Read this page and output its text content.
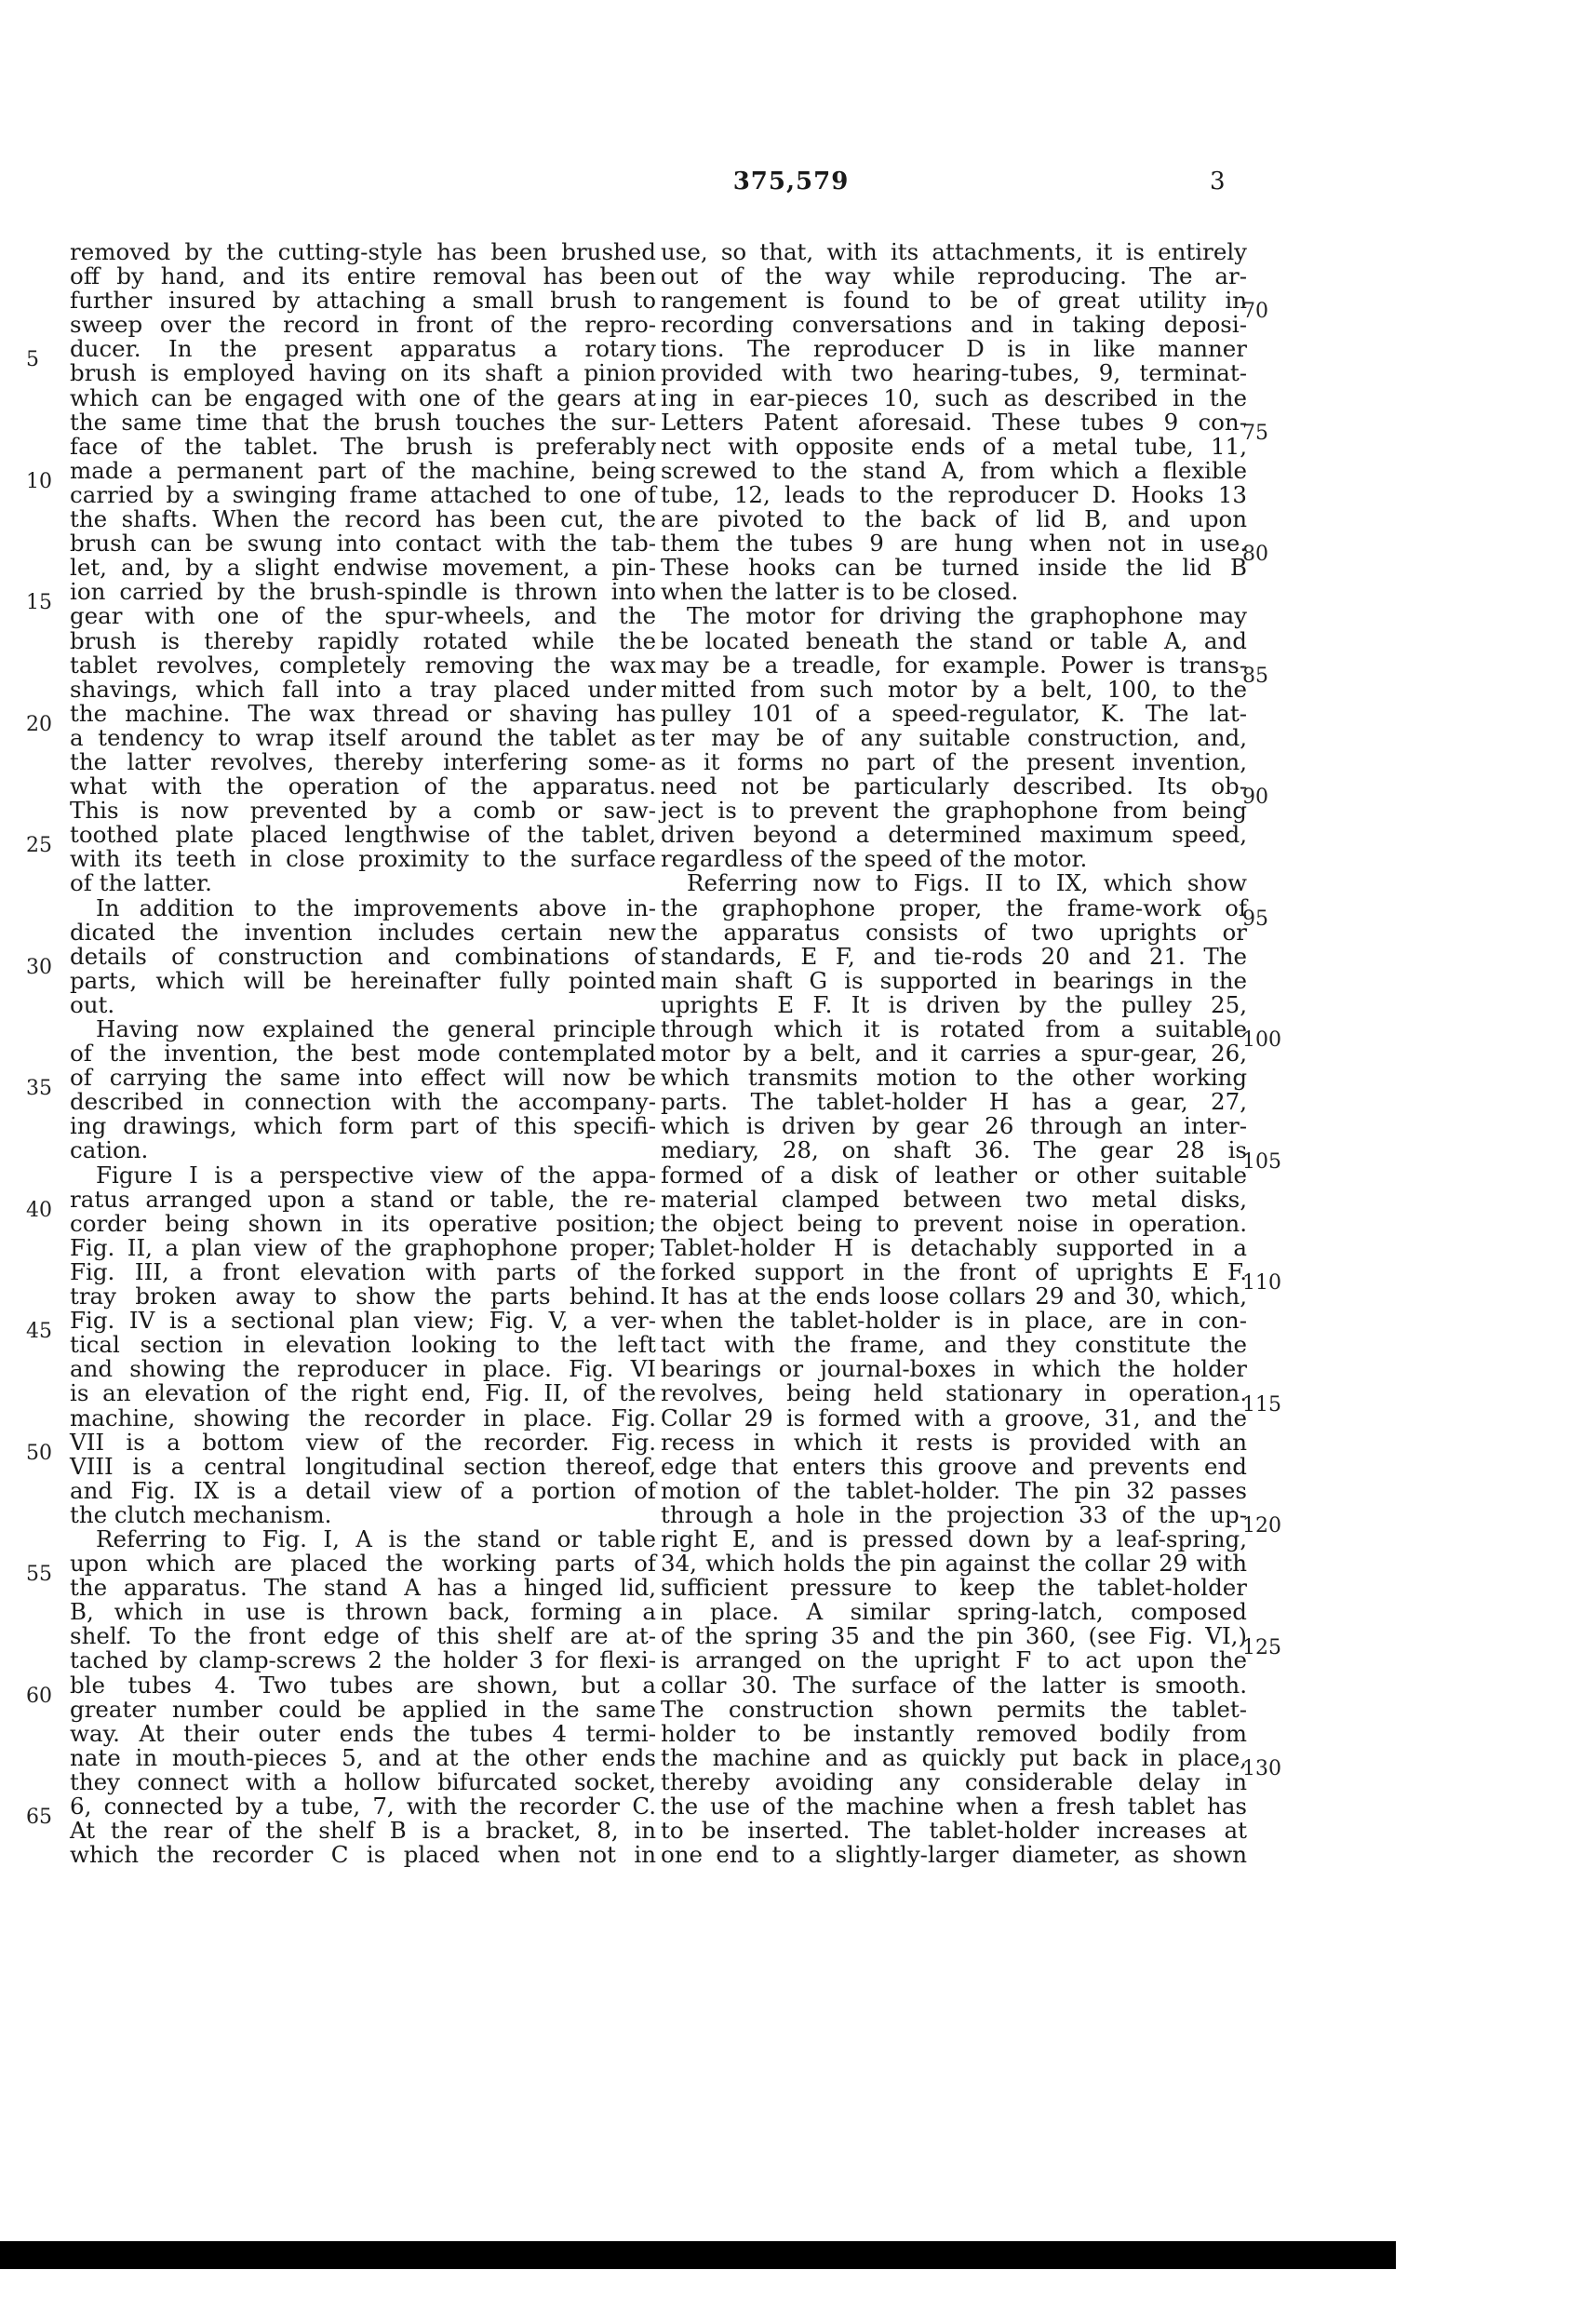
375,579	3
removed by the cutting-style has been brushed
off by hand, and its entire removal has been
further insured by attaching a small brush to
sweep over the record in front of the repro-
ducer. In the present apparatus a rotary
brush is employed having on its shaft a pinion
which can be engaged with one of the gears at
the same time that the brush touches the sur-
face of the tablet. The brush is preferably
made a permanent part of the machine, being
carried by a swinging frame attached to one of
the shafts. When the record has been cut, the
brush can be swung into contact with the tab-
let, and, by a slight endwise movement, a pin-
ion carried by the brush-spindle is thrown into
gear with one of the spur-wheels, and the
brush is thereby rapidly rotated while the
tablet revolves, completely removing the wax
shavings, which fall into a tray placed under
the machine. The wax thread or shaving has
a tendency to wrap itself around the tablet as
the latter revolves, thereby interfering some-
what with the operation of the apparatus.
This is now prevented by a comb or saw-
toothed plate placed lengthwise of the tablet,
with its teeth in close proximity to the surface
of the latter.
In addition to the improvements above in-
dicated the invention includes certain new
details of construction and combinations of
parts, which will be hereinafter fully pointed
out.
Having now explained the general principle
of the invention, the best mode contemplated
of carrying the same into effect will now be
described in connection with the accompany-
ing drawings, which form part of this specifi-
cation.
Figure I is a perspective view of the appa-
ratus arranged upon a stand or table, the re-
corder being shown in its operative position;
Fig. II, a plan view of the graphophone proper;
Fig. III, a front elevation with parts of the
tray broken away to show the parts behind.
Fig. IV is a sectional plan view; Fig. V, a ver-
tical section in elevation looking to the left
and showing the reproducer in place. Fig. VI
is an elevation of the right end, Fig. II, of the
machine, showing the recorder in place. Fig.
VII is a bottom view of the recorder. Fig.
VIII is a central longitudinal section thereof,
and Fig. IX is a detail view of a portion of
the clutch mechanism.
Referring to Fig. I, A is the stand or table
upon which are placed the working parts of
the apparatus. The stand A has a hinged lid,
B, which in use is thrown back, forming a
shelf. To the front edge of this shelf are at-
tached by clamp-screws 2 the holder 3 for flexi-
ble tubes 4. Two tubes are shown, but a
greater number could be applied in the same
way. At their outer ends the tubes 4 termi-
nate in mouth-pieces 5, and at the other ends
they connect with a hollow bifurcated socket,
6, connected by a tube, 7, with the recorder C.
At the rear of the shelf B is a bracket, 8, in
which the recorder C is placed when not in
use, so that, with its attachments, it is entirely
out of the way while reproducing. The ar-
rangement is found to be of great utility in
recording conversations and in taking deposi-
tions. The reproducer D is in like manner
provided with two hearing-tubes, 9, terminat-
ing in ear-pieces 10, such as described in the
Letters Patent aforesaid. These tubes 9 con-
nect with opposite ends of a metal tube, 11,
screwed to the stand A, from which a flexible
tube, 12, leads to the reproducer D. Hooks 13
are pivoted to the back of lid B, and upon
them the tubes 9 are hung when not in use.
These hooks can be turned inside the lid B
when the latter is to be closed.
The motor for driving the graphophone may
be located beneath the stand or table A, and
may be a treadle, for example. Power is trans-
mitted from such motor by a belt, 100, to the
pulley 101 of a speed-regulator, K. The lat-
ter may be of any suitable construction, and,
as it forms no part of the present invention,
need not be particularly described. Its ob-
ject is to prevent the graphophone from being
driven beyond a determined maximum speed,
regardless of the speed of the motor.
Referring now to Figs. II to IX, which show
the graphophone proper, the frame-work of
the apparatus consists of two uprights or
standards, E F, and tie-rods 20 and 21. The
main shaft G is supported in bearings in the
uprights E F. It is driven by the pulley 25,
through which it is rotated from a suitable
motor by a belt, and it carries a spur-gear, 26,
which transmits motion to the other working
parts. The tablet-holder H has a gear, 27,
which is driven by gear 26 through an inter-
mediary, 28, on shaft 36. The gear 28 is
formed of a disk of leather or other suitable
material clamped between two metal disks,
the object being to prevent noise in operation.
Tablet-holder H is detachably supported in a
forked support in the front of uprights E F.
It has at the ends loose collars 29 and 30, which,
when the tablet-holder is in place, are in con-
tact with the frame, and they constitute the
bearings or journal-boxes in which the holder
revolves, being held stationary in operation.
Collar 29 is formed with a groove, 31, and the
recess in which it rests is provided with an
edge that enters this groove and prevents end
motion of the tablet-holder. The pin 32 passes
through a hole in the projection 33 of the up-
right E, and is pressed down by a leaf-spring,
34, which holds the pin against the collar 29 with
sufficient pressure to keep the tablet-holder
in place. A similar spring-latch, composed
of the spring 35 and the pin 360, (see Fig. VI,)
is arranged on the upright F to act upon the
collar 30. The surface of the latter is smooth.
The construction shown permits the tablet-
holder to be instantly removed bodily from
the machine and as quickly put back in place,
thereby avoiding any considerable delay in
the use of the machine when a fresh tablet has
to be inserted. The tablet-holder increases at
one end to a slightly-larger diameter, as shown
5
10
15
20
25
30
35
40
45
50
55
60
65
70
75
80
85
90
95
100
105
110
115
120
125
130
